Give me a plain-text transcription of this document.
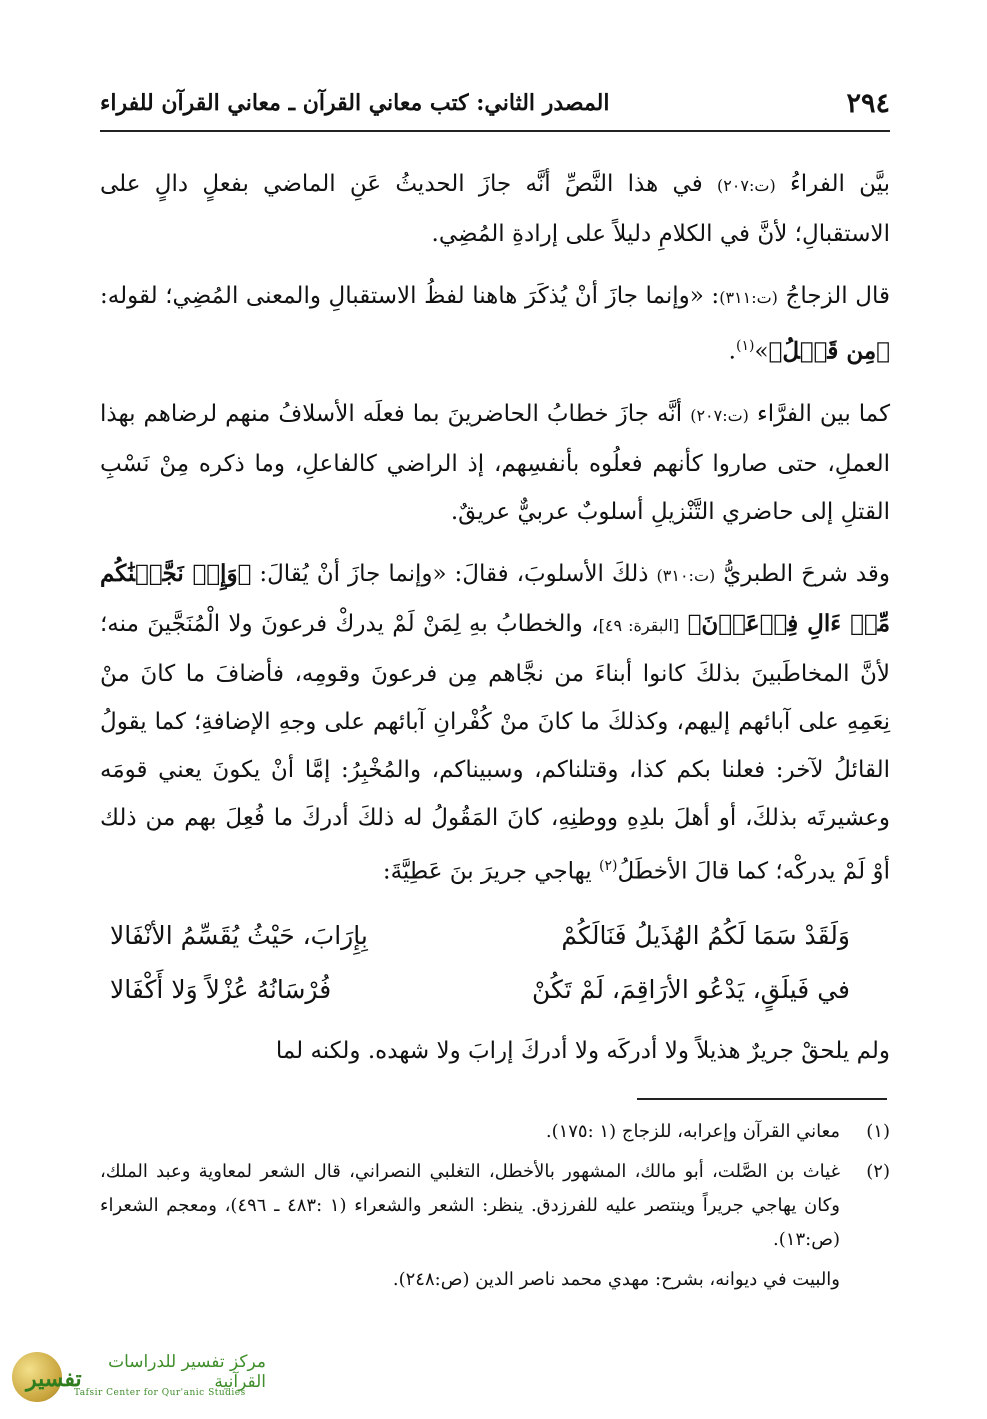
٢٩٤
المصدر الثاني: كتب معاني القرآن ـ معاني القرآن للفراء

بيَّن الفراءُ (ت:٢٠٧) في هذا النَّصِّ أنَّه جازَ الحديثُ عَنِ الماضي بفعلٍ دالٍ على الاستقبالِ؛ لأنَّ في الكلامِ دليلاً على إرادةِ المُضِي.

قال الزجاجُ (ت:٣١١): «وإنما جازَ أنْ يُذكَرَ هاهنا لفظُ الاستقبالِ والمعنى المُضِي؛ لقوله: ﴿مِن قَبۡلُ﴾»$^{(١)}$.

كما بين الفرَّاء (ت:٢٠٧) أنَّه جازَ خطابُ الحاضرينَ بما فعلَه الأسلافُ منهم لرضاهم بهذا العملِ، حتى صاروا كأنهم فعلُوه بأنفسِهم، إذ الراضي كالفاعلِ، وما ذكره مِنْ نَسْبِ القتلِ إلى حاضري التَّنْزيلِ أسلوبٌ عربيٌّ عريقٌ.

وقد شرحَ الطبريُّ (ت:٣١٠) ذلكَ الأسلوبَ، فقالَ: «وإنما جازَ أنْ يُقالَ: ﴿وَإِذۡ نَجَّيۡنَٰكُم مِّنۡ ءَالِ فِرۡعَوۡنَ﴾ [البقرة: ٤٩]، والخطابُ بهِ لِمَنْ لَمْ يدركْ فرعونَ ولا الْمُنَجَّينَ منه؛ لأنَّ المخاطَبينَ بذلكَ كانوا أبناءَ من نجَّاهم مِن فرعونَ وقومِه، فأضافَ ما كانَ منْ نِعَمِهِ على آبائهم إليهم، وكذلكَ ما كانَ منْ كُفْرانِ آبائهم على وجهِ الإضافةِ؛ كما يقولُ القائلُ لآخر: فعلنا بكم كذا، وقتلناكم، وسبيناكم، والمُخْبِرُ: إمَّا أنْ يكونَ يعني قومَه وعشيرتَه بذلكَ، أو أهلَ بلدِهِ ووطنِهِ، كانَ المَقُولُ له ذلكَ أدركَ ما فُعِلَ بهم من ذلك أوْ لَمْ يدركْه؛ كما قالَ الأخطَلُ$^{(٢)}$ يهاجي جريرَ بنَ عَطِيَّةَ:

وَلَقَدْ سَمَا لَكُمُ الهُذَيلُ فَنَالَكُمْ
بِإِرَابَ، حَيْثُ يُقَسِّمُ الأنْفَالا
في فَيلَقٍ، يَدْعُو الأرَاقِمَ، لَمْ تَكُنْ
فُرْسَانُهُ عُزْلاً وَلا أَكْفَالا

ولم يلحقْ جريرٌ هذيلاً ولا أدركَه ولا أدركَ إرابَ ولا شهده. ولكنه لما

(١)
معاني القرآن وإعرابه، للزجاج (١ :١٧٥).
(٢)
غياث بن الصَّلت، أبو مالك، المشهور بالأخطل، التغلبي النصراني، قال الشعر لمعاوية وعبد الملك، وكان يهاجي جريراً وينتصر عليه للفرزدق. ينظر: الشعر والشعراء (١ :٤٨٣ ـ ٤٩٦)، ومعجم الشعراء (ص:١٣).
والبيت في ديوانه، بشرح: مهدي محمد ناصر الدين (ص:٢٤٨).
تفسير
مركز تفسير للدراسات القرآنية
Tafsir Center for Qur'anic Studies
